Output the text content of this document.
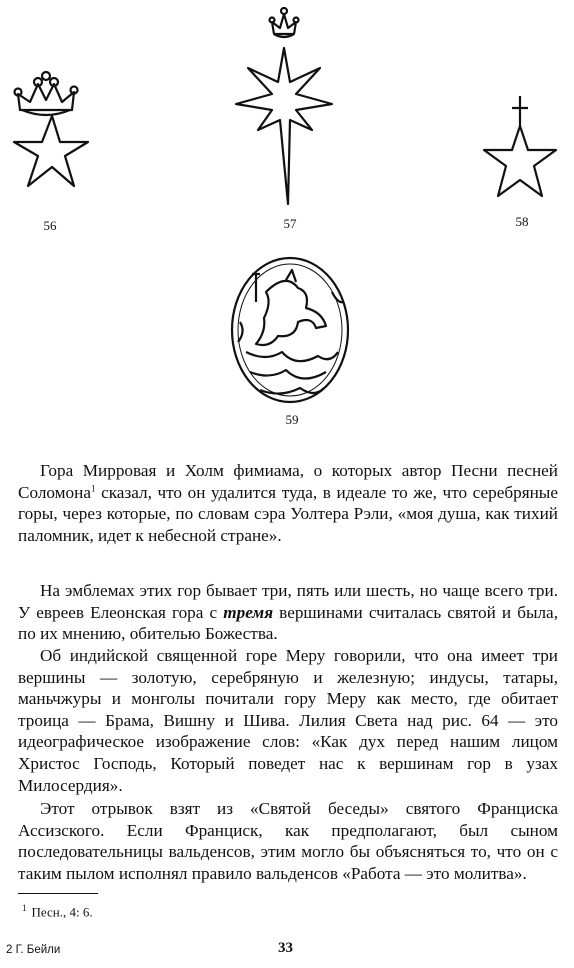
56	57	58
59

Гора Мирровая и Холм фимиама, о которых автор Песни песней Соломона$^1$ сказал, что он удалится туда, в идеале то же, что серебряные горы, через которые, по словам сэра Уолтера Рэли, «моя душа, как тихий паломник, идет к небесной стране».

На эмблемах этих гор бывает три, пять или шесть, но чаще всего три. У евреев Елеонская гора с тремя вершинами считалась святой и была, по их мнению, обителью Божества.

Об индийской священной горе Меру говорили, что она имеет три вершины — золотую, серебряную и железную; индусы, татары, маньчжуры и монголы почитали гору Меру как место, где обитает троица — Брама, Вишну и Шива. Лилия Света над рис. 64 — это идеографическое изображение слов: «Как дух перед нашим лицом Христос Господь, Который поведет нас к вершинам гор в узах Милосердия».

Этот отрывок взят из «Святой беседы» святого Франциска Ассизского. Если Франциск, как предполагают, был сыном последовательницы вальденсов, этим могло бы объясняться то, что он с таким пылом исполнял правило вальденсов «Работа — это молитва».

$^1$ Песн., 4: 6.
2 Г. Бейли	33
